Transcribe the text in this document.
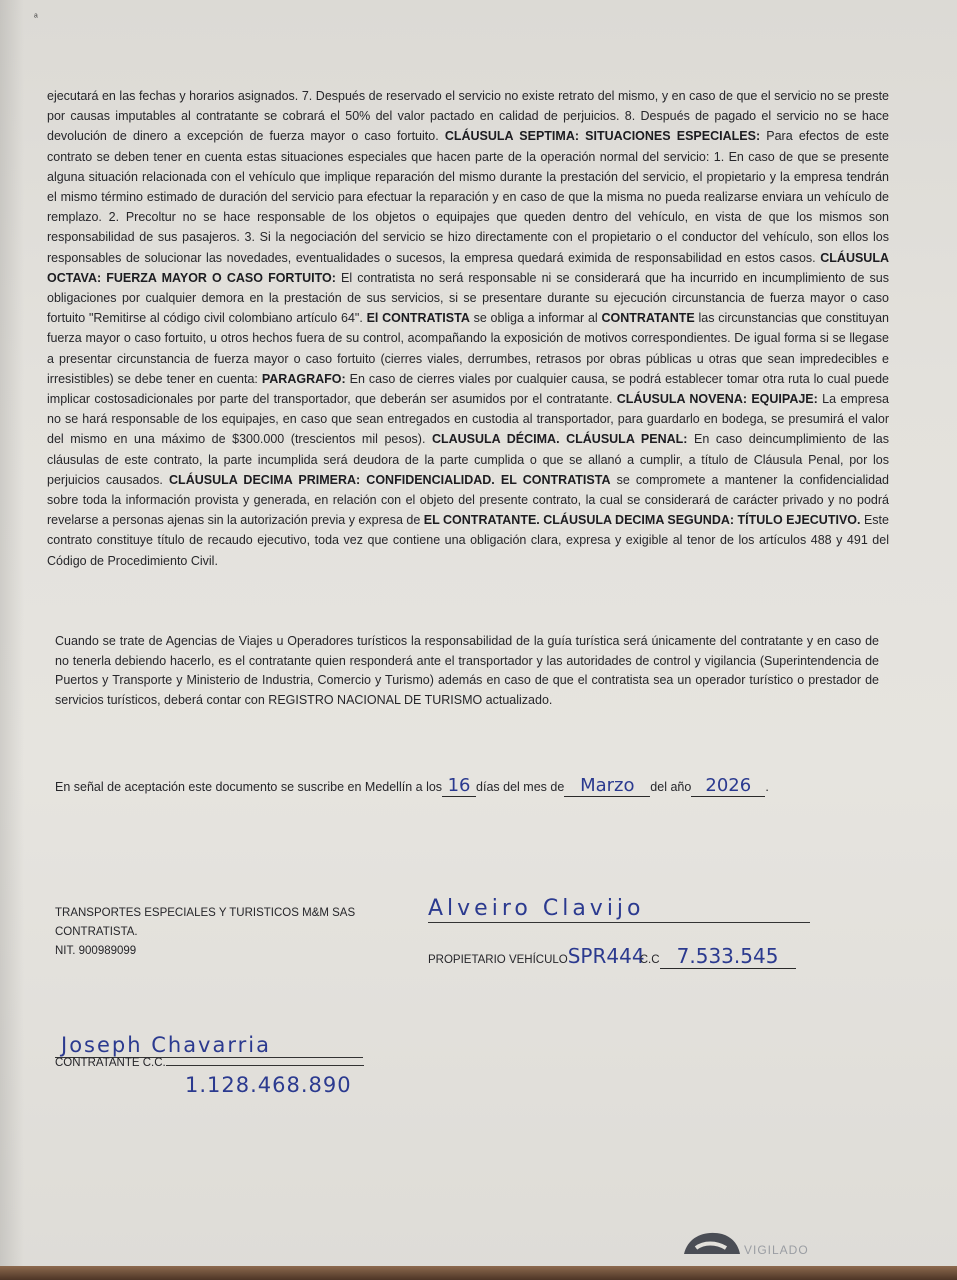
ᵃ

ejecutará en las fechas y horarios asignados. 7. Después de reservado el servicio no existe retrato del mismo, y en caso de que el servicio no se preste por causas imputables al contratante se cobrará el 50% del valor pactado en calidad de perjuicios. 8. Después de pagado el servicio no se hace devolución de dinero a excepción de fuerza mayor o caso fortuito. CLÁUSULA SEPTIMA: SITUACIONES ESPECIALES: Para efectos de este contrato se deben tener en cuenta estas situaciones especiales que hacen parte de la operación normal del servicio: 1. En caso de que se presente alguna situación relacionada con el vehículo que implique reparación del mismo durante la prestación del servicio, el propietario y la empresa tendrán el mismo término estimado de duración del servicio para efectuar la reparación y en caso de que la misma no pueda realizarse enviara un vehículo de remplazo. 2. Precoltur no se hace responsable de los objetos o equipajes que queden dentro del vehículo, en vista de que los mismos son responsabilidad de sus pasajeros. 3. Si la negociación del servicio se hizo directamente con el propietario o el conductor del vehículo, son ellos los responsables de solucionar las novedades, eventualidades o sucesos, la empresa quedará eximida de responsabilidad en estos casos. CLÁUSULA OCTAVA: FUERZA MAYOR O CASO FORTUITO: El contratista no será responsable ni se considerará que ha incurrido en incumplimiento de sus obligaciones por cualquier demora en la prestación de sus servicios, si se presentare durante su ejecución circunstancia de fuerza mayor o caso fortuito "Remitirse al código civil colombiano artículo 64". El CONTRATISTA se obliga a informar al CONTRATANTE las circunstancias que constituyan fuerza mayor o caso fortuito, u otros hechos fuera de su control, acompañando la exposición de motivos correspondientes. De igual forma si se llegase a presentar circunstancia de fuerza mayor o caso fortuito (cierres viales, derrumbes, retrasos por obras públicas u otras que sean impredecibles e irresistibles) se debe tener en cuenta: PARAGRAFO: En caso de cierres viales por cualquier causa, se podrá establecer tomar otra ruta lo cual puede implicar costosadicionales por parte del transportador, que deberán ser asumidos por el contratante. CLÁUSULA NOVENA: EQUIPAJE: La empresa no se hará responsable de los equipajes, en caso que sean entregados en custodia al transportador, para guardarlo en bodega, se presumirá el valor del mismo en una máximo de $300.000 (trescientos mil pesos). CLAUSULA DÉCIMA. CLÁUSULA PENAL: En caso deincumplimiento de las cláusulas de este contrato, la parte incumplida será deudora de la parte cumplida o que se allanó a cumplir, a título de Cláusula Penal, por los perjuicios causados. CLÁUSULA DECIMA PRIMERA: CONFIDENCIALIDAD. EL CONTRATISTA se compromete a mantener la confidencialidad sobre toda la información provista y generada, en relación con el objeto del presente contrato, la cual se considerará de carácter privado y no podrá revelarse a personas ajenas sin la autorización previa y expresa de EL CONTRATANTE. CLÁUSULA DECIMA SEGUNDA: TÍTULO EJECUTIVO. Este contrato constituye título de recaudo ejecutivo, toda vez que contiene una obligación clara, expresa y exigible al tenor de los artículos 488 y 491 del Código de Procedimiento Civil.

Cuando se trate de Agencias de Viajes u Operadores turísticos la responsabilidad de la guía turística será únicamente del contratante y en caso de no tenerla debiendo hacerlo, es el contratante quien responderá ante el transportador y las autoridades de control y vigilancia (Superintendencia de Puertos y Transporte y Ministerio de Industria, Comercio y Turismo) además en caso de que el contratista sea un operador turístico o prestador de servicios turísticos, deberá contar con REGISTRO NACIONAL DE TURISMO actualizado.

En señal de aceptación este documento se suscribe en Medellín a los 16 días del mes de Marzo del año 2026 .
TRANSPORTES ESPECIALES Y TURISTICOS M&M SAS
CONTRATISTA.
NIT. 900989099
Alveiro Clavijo
PROPIETARIO VEHÍCULOSPR444C.C 7.533.545
Joseph Chavarria
CONTRATANTE C.C.
1.128.468.890
VIGILADO
